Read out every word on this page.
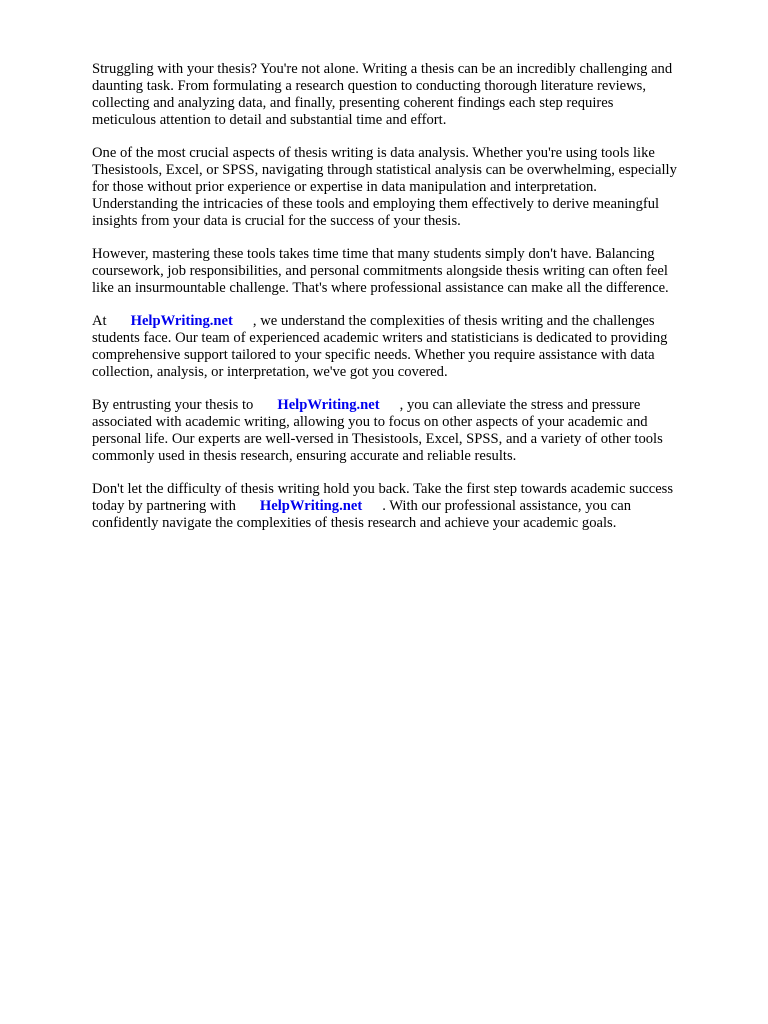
Struggling with your thesis? You're not alone. Writing a thesis can be an incredibly challenging and
daunting task. From formulating a research question to conducting thorough literature reviews,
collecting and analyzing data, and finally, presenting coherent findings each step requires
meticulous attention to detail and substantial time and effort.

One of the most crucial aspects of thesis writing is data analysis. Whether you're using tools like
Thesistools, Excel, or SPSS, navigating through statistical analysis can be overwhelming, especially
for those without prior experience or expertise in data manipulation and interpretation.
Understanding the intricacies of these tools and employing them effectively to derive meaningful
insights from your data is crucial for the success of your thesis.

However, mastering these tools takes time time that many students simply don't have. Balancing
coursework, job responsibilities, and personal commitments alongside thesis writing can often feel
like an insurmountable challenge. That's where professional assistance can make all the difference.

At HelpWriting.net , we understand the complexities of thesis writing and the challenges
students face. Our team of experienced academic writers and statisticians is dedicated to providing
comprehensive support tailored to your specific needs. Whether you require assistance with data
collection, analysis, or interpretation, we've got you covered.

By entrusting your thesis to HelpWriting.net , you can alleviate the stress and pressure
associated with academic writing, allowing you to focus on other aspects of your academic and
personal life. Our experts are well-versed in Thesistools, Excel, SPSS, and a variety of other tools
commonly used in thesis research, ensuring accurate and reliable results.

Don't let the difficulty of thesis writing hold you back. Take the first step towards academic success
today by partnering with HelpWriting.net . With our professional assistance, you can
confidently navigate the complexities of thesis research and achieve your academic goals.
